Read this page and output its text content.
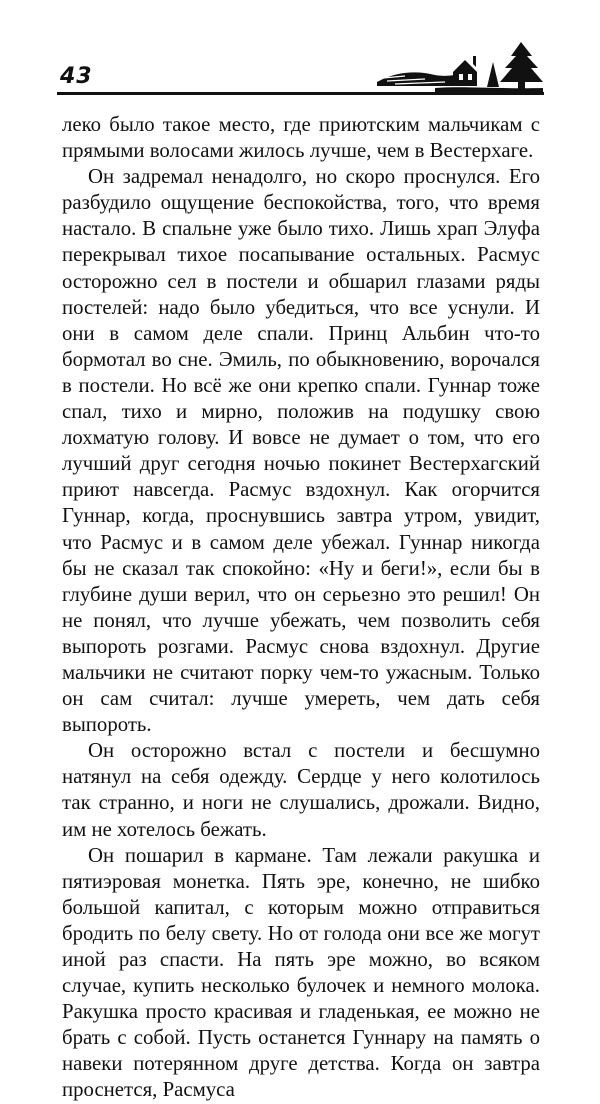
43

леко было такое место, где приютским мальчикам с прямыми волосами жилось лучше, чем в Вестерхаге.

Он задремал ненадолго, но скоро проснулся. Его разбудило ощущение беспокойства, того, что время настало. В спальне уже было тихо. Лишь храп Элуфа перекрывал тихое посапывание остальных. Расмус осторожно сел в постели и обшарил глазами ряды постелей: надо было убедиться, что все уснули. И они в самом деле спали. Принц Альбин что-то бормотал во сне. Эмиль, по обыкновению, ворочался в постели. Но всё же они крепко спали. Гуннар тоже спал, тихо и мирно, положив на подушку свою лохматую голову. И вовсе не думает о том, что его лучший друг сегодня ночью покинет Вестерхагский приют навсегда. Расмус вздохнул. Как огорчится Гуннар, когда, проснувшись завтра утром, увидит, что Расмус и в самом деле убежал. Гуннар никогда бы не сказал так спокойно: «Ну и беги!», если бы в глубине души верил, что он серьезно это решил! Он не понял, что лучше убежать, чем позволить себя выпороть розгами. Расмус снова вздохнул. Другие мальчики не считают порку чем-то ужасным. Только он сам считал: лучше умереть, чем дать себя выпороть.

Он осторожно встал с постели и бесшумно натянул на себя одежду. Сердце у него колотилось так странно, и ноги не слушались, дрожали. Видно, им не хотелось бежать.

Он пошарил в кармане. Там лежали ракушка и пятиэровая монетка. Пять эре, конечно, не шибко большой капитал, с которым можно отправиться бродить по белу свету. Но от голода они все же могут иной раз спасти. На пять эре можно, во всяком случае, купить несколько булочек и немного молока. Ракушка просто красивая и гладенькая, ее можно не брать с собой. Пусть останется Гуннару на память о навеки потерянном друге детства. Когда он завтра проснется, Расмуса
